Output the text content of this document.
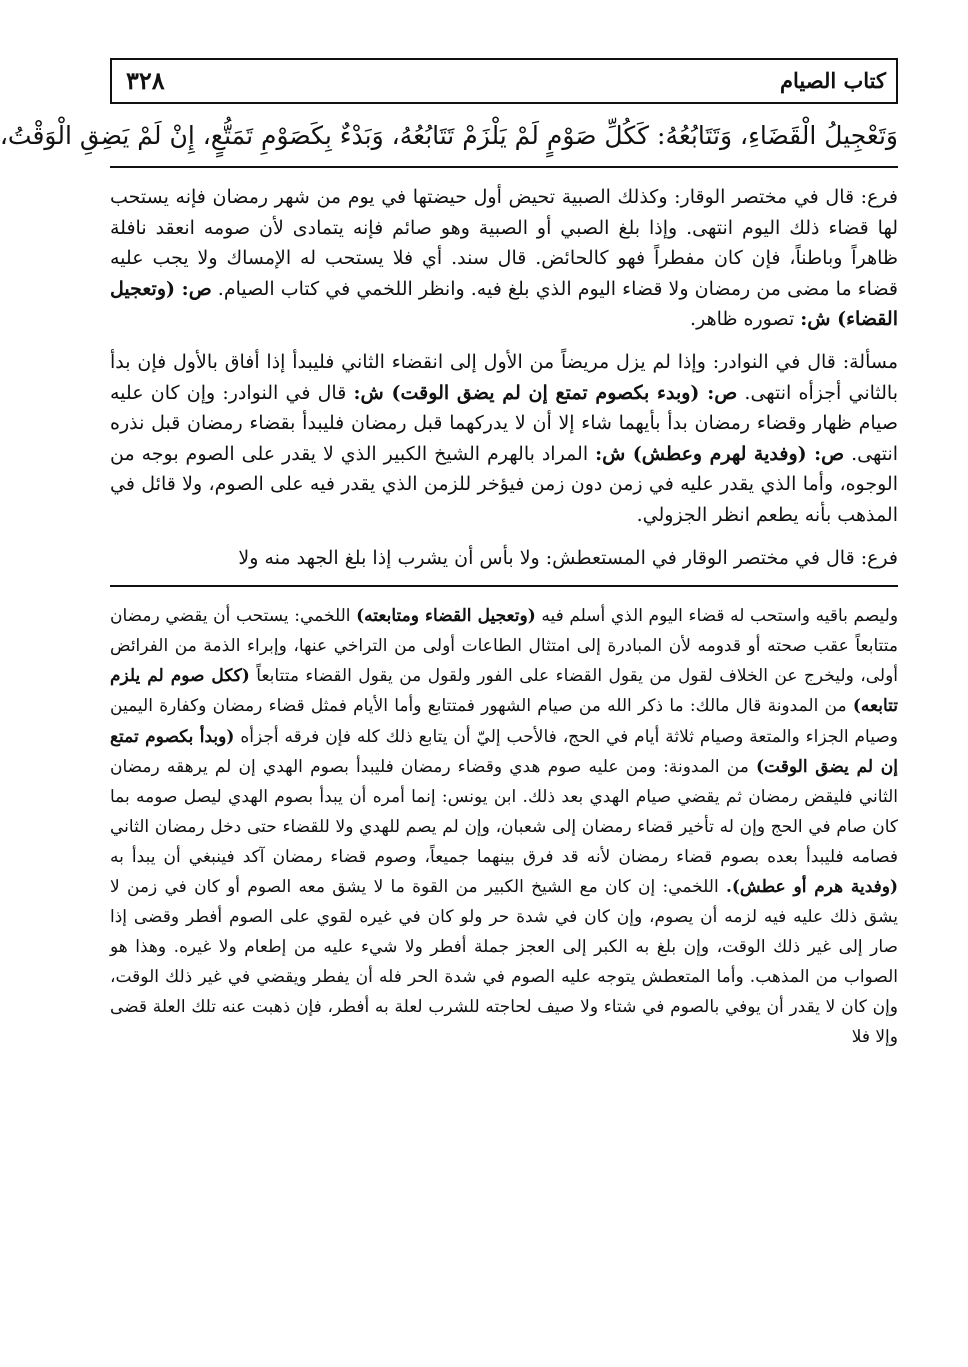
كتاب الصيام
٣٢٨
وَتَعْجِيلُ الْقَضَاءِ، وَتَتَابُعُهُ: كَكُلِّ صَوْمٍ لَمْ يَلْزَمْ تَتَابُعُهُ، وَبَدْءٌ بِكَصَوْمِ تَمَتُّعٍ، إِنْ لَمْ يَضِقِ الْوَقْتُ،

فرع: قال في مختصر الوقار: وكذلك الصبية تحيض أول حيضتها في يوم من شهر رمضان فإنه يستحب لها قضاء ذلك اليوم انتهى. وإذا بلغ الصبي أو الصبية وهو صائم فإنه يتمادى لأن صومه انعقد نافلة ظاهراً وباطناً، فإن كان مفطراً فهو كالحائض. قال سند. أي فلا يستحب له الإمساك ولا يجب عليه قضاء ما مضى من رمضان ولا قضاء اليوم الذي بلغ فيه. وانظر اللخمي في كتاب الصيام. ص: (وتعجيل القضاء) ش: تصوره ظاهر.

مسألة: قال في النوادر: وإذا لم يزل مريضاً من الأول إلى انقضاء الثاني فليبدأ إذا أفاق بالأول فإن بدأ بالثاني أجزأه انتهى. ص: (وبدء بكصوم تمتع إن لم يضق الوقت) ش: قال في النوادر: وإن كان عليه صيام ظهار وقضاء رمضان بدأ بأيهما شاء إلا أن لا يدركهما قبل رمضان فليبدأ بقضاء رمضان قبل نذره انتهى. ص: (وفدية لهرم وعطش) ش: المراد بالهرم الشيخ الكبير الذي لا يقدر على الصوم بوجه من الوجوه، وأما الذي يقدر عليه في زمن دون زمن فيؤخر للزمن الذي يقدر فيه على الصوم، ولا قائل في المذهب بأنه يطعم انظر الجزولي.

فرع: قال في مختصر الوقار في المستعطش: ولا بأس أن يشرب إذا بلغ الجهد منه ولا

وليصم باقيه واستحب له قضاء اليوم الذي أسلم فيه (وتعجيل القضاء ومتابعته) اللخمي: يستحب أن يقضي رمضان متتابعاً عقب صحته أو قدومه لأن المبادرة إلى امتثال الطاعات أولى من التراخي عنها، وإبراء الذمة من الفرائض أولى، وليخرج عن الخلاف لقول من يقول القضاء على الفور ولقول من يقول القضاء متتابعاً (ككل صوم لم يلزم تتابعه) من المدونة قال مالك: ما ذكر الله من صيام الشهور فمتتابع وأما الأيام فمثل قضاء رمضان وكفارة اليمين وصيام الجزاء والمتعة وصيام ثلاثة أيام في الحج، فالأحب إليّ أن يتابع ذلك كله فإن فرقه أجزأه (وبدأ بكصوم تمتع إن لم يضق الوقت) من المدونة: ومن عليه صوم هدي وقضاء رمضان فليبدأ بصوم الهدي إن لم يرهقه رمضان الثاني فليقض رمضان ثم يقضي صيام الهدي بعد ذلك. ابن يونس: إنما أمره أن يبدأ بصوم الهدي ليصل صومه بما كان صام في الحج وإن له تأخير قضاء رمضان إلى شعبان، وإن لم يصم للهدي ولا للقضاء حتى دخل رمضان الثاني فصامه فليبدأ بعده بصوم قضاء رمضان لأنه قد فرق بينهما جميعاً، وصوم قضاء رمضان آكد فينبغي أن يبدأ به (وفدية هرم أو عطش). اللخمي: إن كان مع الشيخ الكبير من القوة ما لا يشق معه الصوم أو كان في زمن لا يشق ذلك عليه فيه لزمه أن يصوم، وإن كان في شدة حر ولو كان في غيره لقوي على الصوم أفطر وقضى إذا صار إلى غير ذلك الوقت، وإن بلغ به الكبر إلى العجز جملة أفطر ولا شيء عليه من إطعام ولا غيره. وهذا هو الصواب من المذهب. وأما المتعطش يتوجه عليه الصوم في شدة الحر فله أن يفطر ويقضي في غير ذلك الوقت، وإن كان لا يقدر أن يوفي بالصوم في شتاء ولا صيف لحاجته للشرب لعلة به أفطر، فإن ذهبت عنه تلك العلة قضى وإلا فلا
